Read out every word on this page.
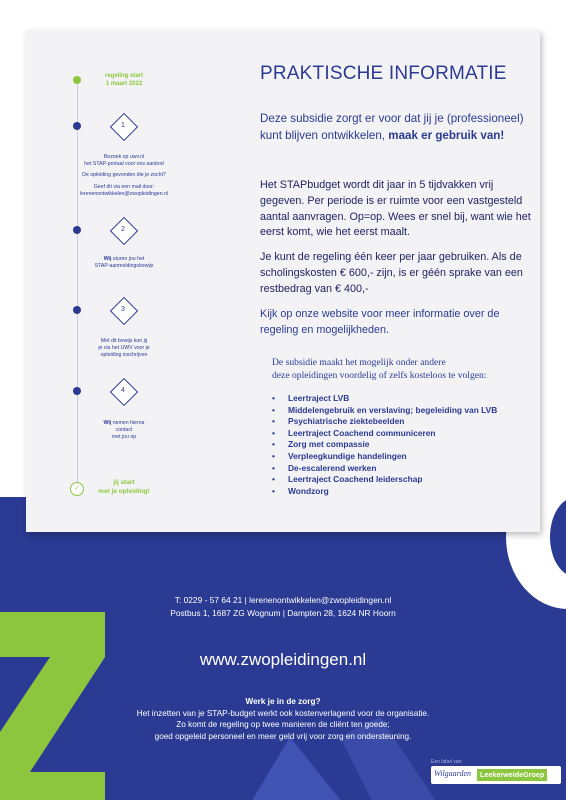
regeling start
1 maart 2022
1
Bezoek op uwv.nl
het STAP-portaal voor ons aanbod
De opleiding gevonden die je zocht?
Geef dit via een mail door:
lerenenontwikkelen@zwopleidingen.nl
2
Wij sturen jou het
STAP-aanmeldingsbewijs
3
Met dit bewijs kun jij
je via het UWV voor je
opleiding inschrijven
4
Wij nemen hierna
contact
met jou op
✓
jij start
met je opleiding!
PRAKTISCHE INFORMATIE
Deze subsidie zorgt er voor dat jij je (professioneel) kunt blijven ontwikkelen, maak er gebruik van!
Het STAPbudget wordt dit jaar in 5 tijdvakken vrij gegeven. Per periode is er ruimte voor een vastgesteld aantal aanvragen. Op=op. Wees er snel bij, want wie het eerst komt, wie het eerst maalt.
Je kunt de regeling één keer per jaar gebruiken. Als de scholingskosten € 600,- zijn, is er géén sprake van een restbedrag van € 400,-
Kijk op onze website voor meer informatie over de regeling en mogelijkheden.
De subsidie maakt het mogelijk onder andere
deze opleidingen voordelig of zelfs kosteloos te volgen:
• Leertraject LVB
• Middelengebruik en verslaving; begeleiding van LVB
• Psychiatrische ziektebeelden
• Leertraject Coachend communiceren
• Zorg met compassie
• Verpleegkundige handelingen
• De-escalerend werken
• Leertraject Coachend leiderschap
• Wondzorg
T: 0229 - 57 64 21 | lerenenontwikkelen@zwopleidingen.nl
Postbus 1, 1687 ZG Wognum | Dampten 28, 1624 NR Hoorn
www.zwopleidingen.nl
Werk je in de zorg?
Het inzetten van je STAP-budget werkt ook kostenverlagend voor de organisatie.
Zo komt de regeling op twee manieren de cliënt ten goede;
goed opgeleid personeel en meer geld vrij voor zorg en ondersteuning.
Een label van:
Wilgaarden	LeekerweideGroep
